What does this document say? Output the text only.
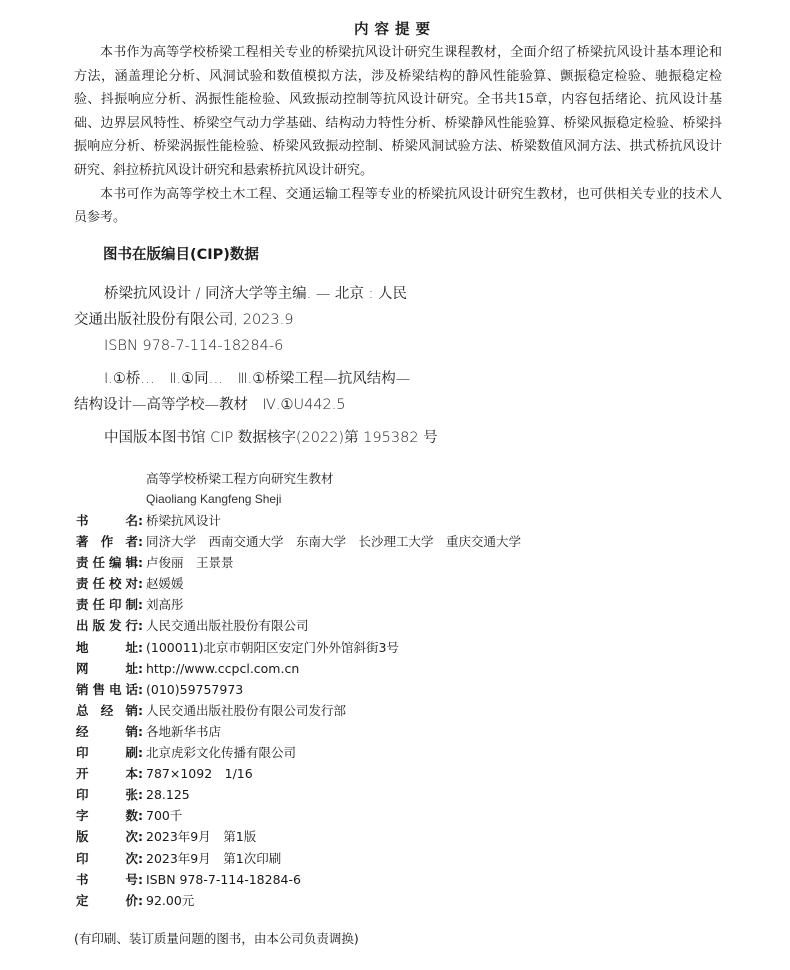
内容提要

本书作为高等学校桥梁工程相关专业的桥梁抗风设计研究生课程教材，全面介绍了桥梁抗风设计基本理论和方法，涵盖理论分析、风洞试验和数值模拟方法，涉及桥梁结构的静风性能验算、颤振稳定检验、驰振稳定检验、抖振响应分析、涡振性能检验、风致振动控制等抗风设计研究。全书共15章，内容包括绪论、抗风设计基础、边界层风特性、桥梁空气动力学基础、结构动力特性分析、桥梁静风性能验算、桥梁风振稳定检验、桥梁抖振响应分析、桥梁涡振性能检验、桥梁风致振动控制、桥梁风洞试验方法、桥梁数值风洞方法、拱式桥抗风设计研究、斜拉桥抗风设计研究和悬索桥抗风设计研究。

本书可作为高等学校土木工程、交通运输工程等专业的桥梁抗风设计研究生教材，也可供相关专业的技术人员参考。

图书在版编目(CIP)数据
桥梁抗风设计 / 同济大学等主编. — 北京 : 人民
交通出版社股份有限公司, 2023.9
ISBN 978-7-114-18284-6
Ⅰ.①桥…　Ⅱ.①同…　Ⅲ.①桥梁工程—抗风结构—
结构设计—高等学校—教材　Ⅳ.①U442.5
中国版本图书馆 CIP 数据核字(2022)第 195382 号
高等学校桥梁工程方向研究生教材
Qiaoliang Kangfeng Sheji
书	名 : 桥梁抗风设计
著 作 者 : 同济大学　西南交通大学　东南大学　长沙理工大学　重庆交通大学
责 任 编 辑 : 卢俊丽　王景景
责 任 校 对 : 赵媛媛
责 任 印 制 : 刘高彤
出 版 发 行 : 人民交通出版社股份有限公司
地	址 : (100011)北京市朝阳区安定门外外馆斜街3号
网	址 : http://www.ccpcl.com.cn
销 售 电 话 : (010)59757973
总 经 销 : 人民交通出版社股份有限公司发行部
经	销 : 各地新华书店
印	刷 : 北京虎彩文化传播有限公司
开	本 : 787×1092　1/16
印	张 : 28.125
字	数 : 700千
版	次 : 2023年9月　第1版
印	次 : 2023年9月　第1次印刷
书	号 : ISBN 978-7-114-18284-6
定	价 : 92.00元
(有印刷、装订质量问题的图书，由本公司负责调换)
